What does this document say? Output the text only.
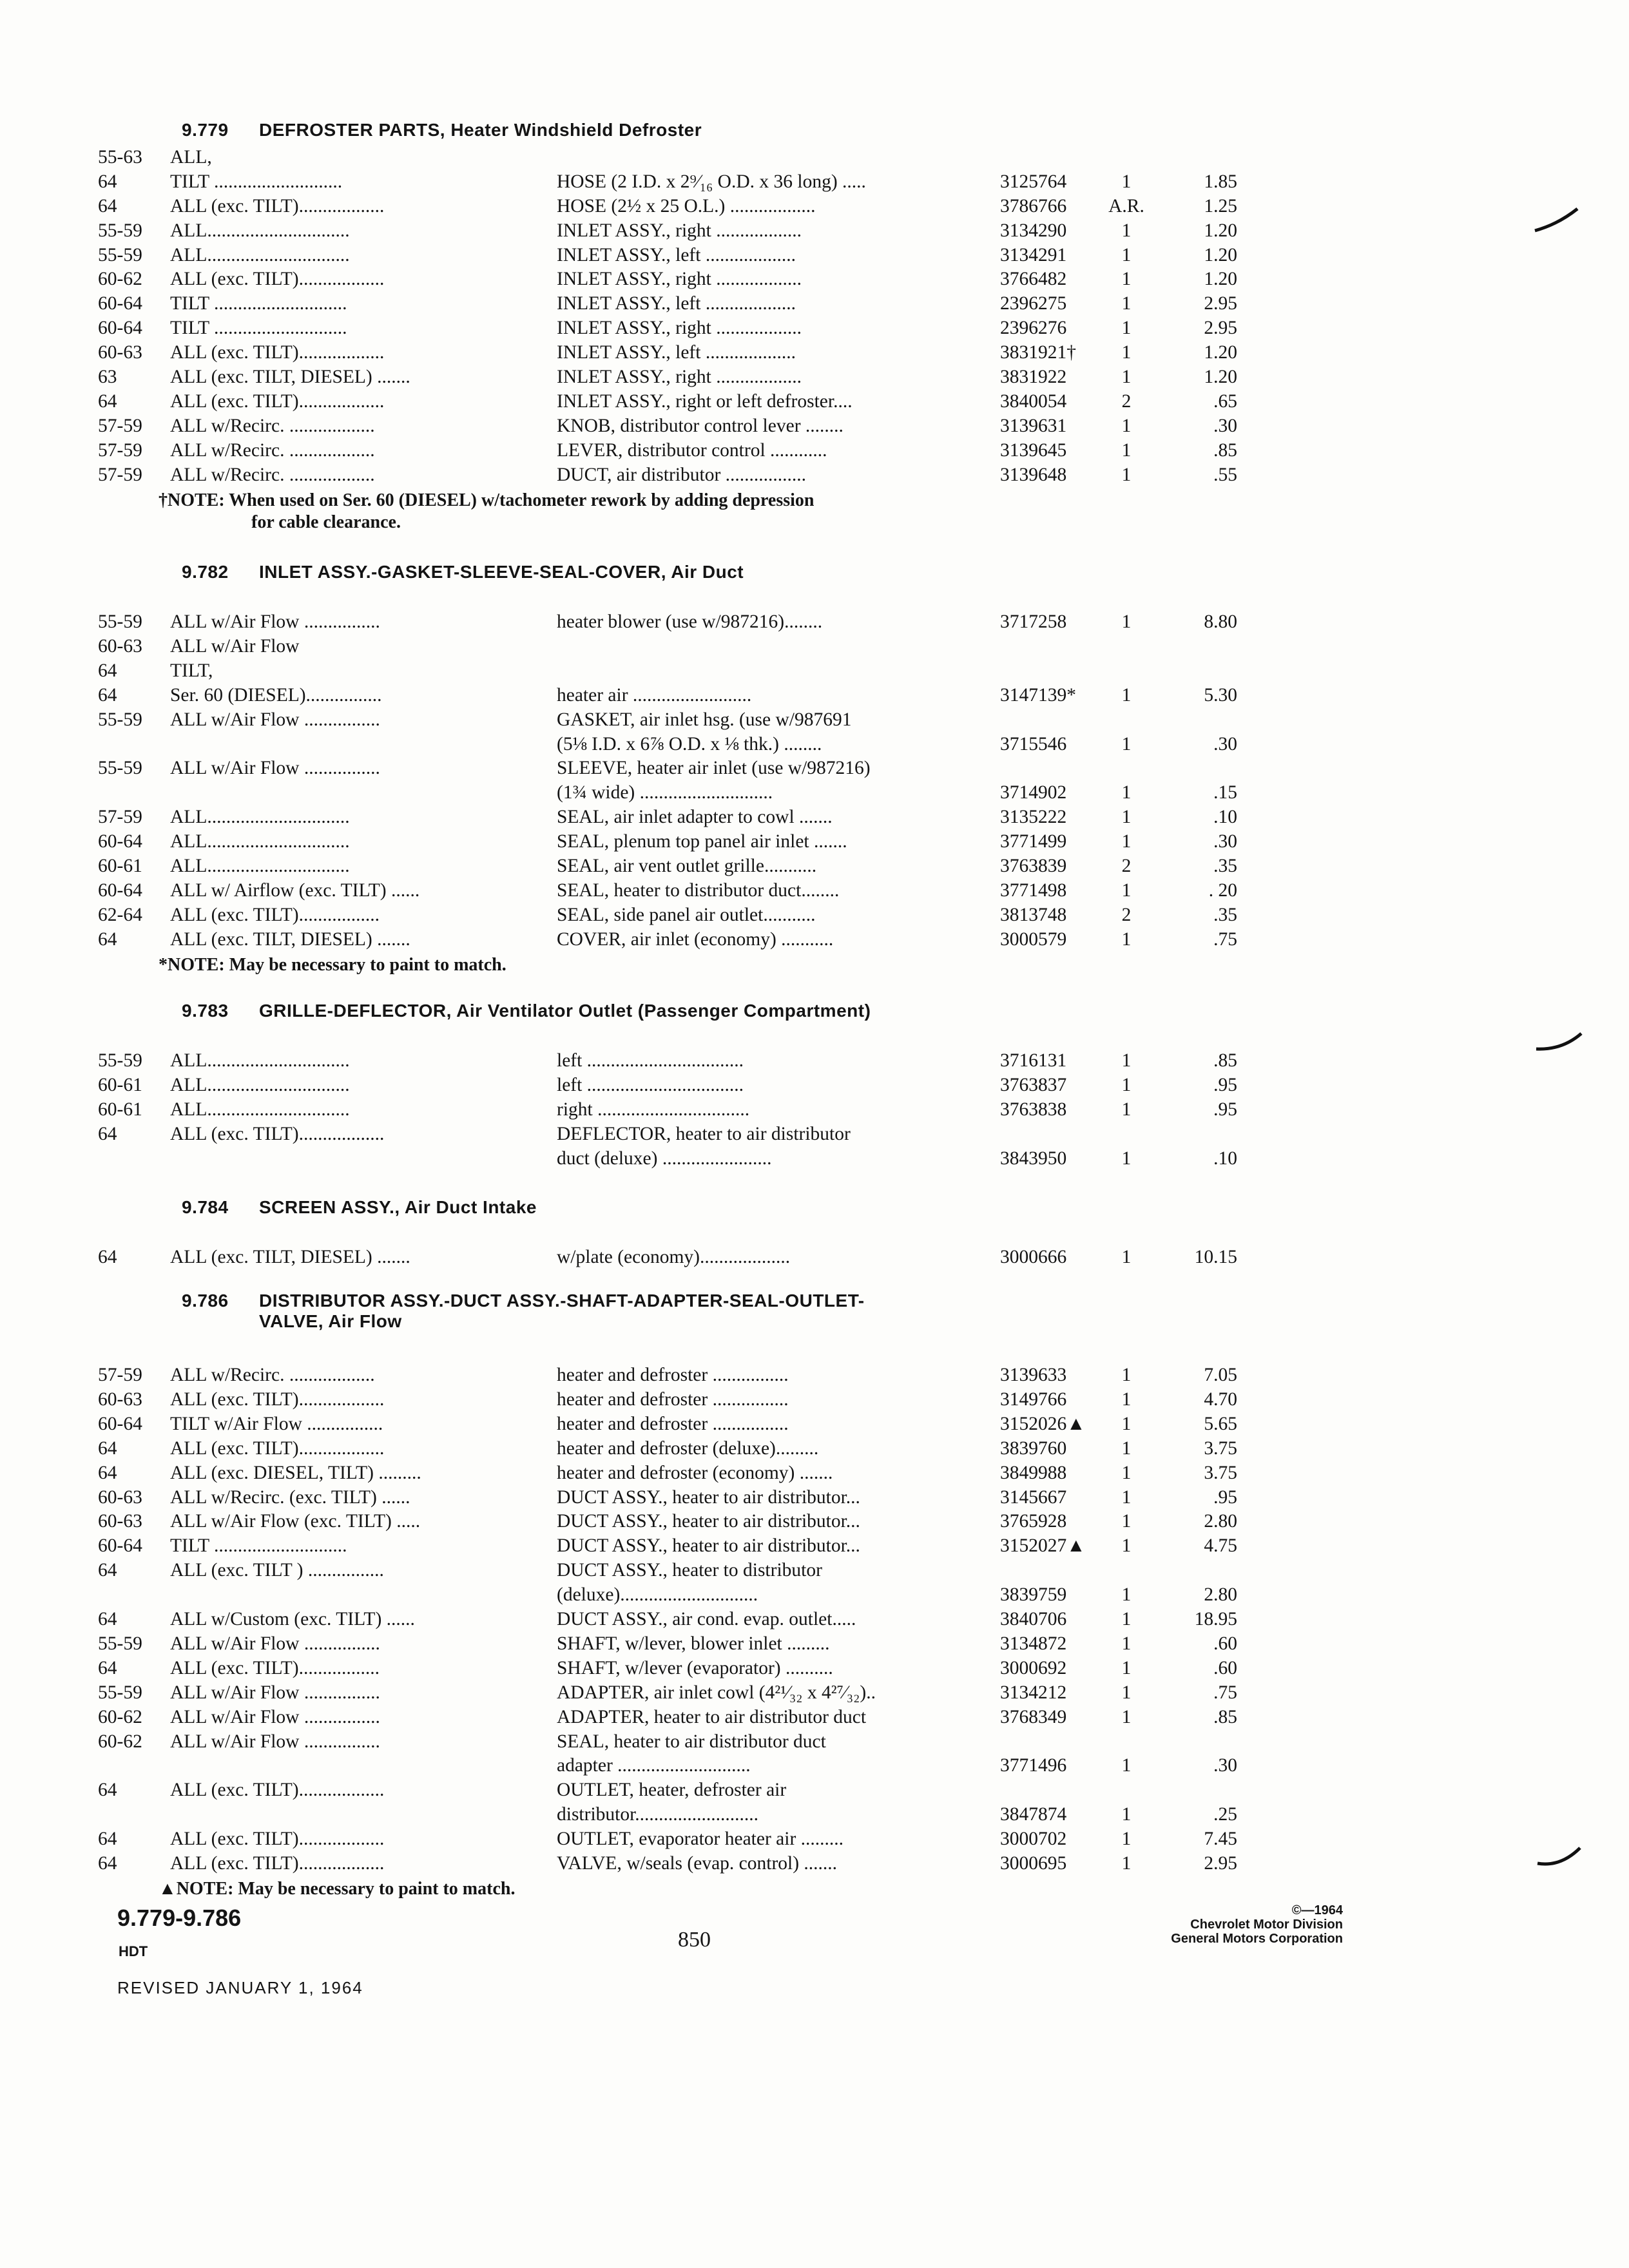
9.779 DEFROSTER PARTS, Heater Windshield Defroster
55-63 ALL,
64	TILT ...........................	HOSE (2 I.D. x 2⁹⁄₁₆ O.D. x 36 long) .....	3125764	1	1.85
64	ALL (exc. TILT)..................	HOSE (2½ x 25 O.L.) ..................	3786766	A.R.	1.25
55-59 ALL..............................	INLET ASSY., right ..................	3134290	1	1.20
55-59 ALL..............................	INLET ASSY., left ...................	3134291	1	1.20
60-62 ALL (exc. TILT)..................	INLET ASSY., right ..................	3766482	1	1.20
60-64 TILT ............................	INLET ASSY., left ...................	2396275	1	2.95
60-64 TILT ............................	INLET ASSY., right ..................	2396276	1	2.95
60-63 ALL (exc. TILT)..................	INLET ASSY., left ...................	3831921†	1	1.20
63	ALL (exc. TILT, DIESEL) .......	INLET ASSY., right ..................	3831922	1	1.20
64	ALL (exc. TILT)..................	INLET ASSY., right or left defroster....	3840054	2	.65
57-59 ALL w/Recirc. ..................	KNOB, distributor control lever ........	3139631	1	.30
57-59 ALL w/Recirc. ..................	LEVER, distributor control ............	3139645	1	.85
57-59 ALL w/Recirc. ..................	DUCT, air distributor .................	3139648	1	.55
†NOTE: When used on Ser. 60 (DIESEL) w/tachometer rework by adding depression
for cable clearance.
9.782 INLET ASSY.-GASKET-SLEEVE-SEAL-COVER, Air Duct
55-59 ALL w/Air Flow ................	heater blower (use w/987216)........	3717258	1	8.80
60-63 ALL w/Air Flow
64	TILT,
64	Ser. 60 (DIESEL)................	heater air .........................	3147139*	1	5.30
55-59 ALL w/Air Flow ................	GASKET, air inlet hsg. (use w/987691
(5⅛ I.D. x 6⅞ O.D. x ⅛ thk.) ........	3715546	1	.30
55-59 ALL w/Air Flow ................	SLEEVE, heater air inlet (use w/987216)
(1¾ wide) ............................	3714902	1	.15
57-59 ALL..............................	SEAL, air inlet adapter to cowl .......	3135222	1	.10
60-64 ALL..............................	SEAL, plenum top panel air inlet .......	3771499	1	.30
60-61 ALL..............................	SEAL, air vent outlet grille...........	3763839	2	.35
60-64 ALL w/ Airflow (exc. TILT) ......	SEAL, heater to distributor duct........	3771498	1	. 20
62-64 ALL (exc. TILT).................	SEAL, side panel air outlet...........	3813748	2	.35
64	ALL (exc. TILT, DIESEL) .......	COVER, air inlet (economy) ...........	3000579	1	.75
*NOTE: May be necessary to paint to match.
9.783 GRILLE-DEFLECTOR, Air Ventilator Outlet (Passenger Compartment)
55-59 ALL..............................	left .................................	3716131	1	.85
60-61 ALL..............................	left .................................	3763837	1	.95
60-61 ALL..............................	right ................................	3763838	1	.95
64	ALL (exc. TILT)..................	DEFLECTOR, heater to air distributor
duct (deluxe) .......................	3843950	1	.10
9.784 SCREEN ASSY., Air Duct Intake
64	ALL (exc. TILT, DIESEL) .......	w/plate (economy)...................	3000666	1	10.15
9.786 DISTRIBUTOR ASSY.-DUCT ASSY.-SHAFT-ADAPTER-SEAL-OUTLET-
VALVE, Air Flow
57-59 ALL w/Recirc. ..................	heater and defroster ................	3139633	1	7.05
60-63 ALL (exc. TILT)..................	heater and defroster ................	3149766	1	4.70
60-64 TILT w/Air Flow ................	heater and defroster ................	3152026▲	1	5.65
64	ALL (exc. TILT)..................	heater and defroster (deluxe).........	3839760	1	3.75
64	ALL (exc. DIESEL, TILT) .........	heater and defroster (economy) .......	3849988	1	3.75
60-63 ALL w/Recirc. (exc. TILT) ......	DUCT ASSY., heater to air distributor...	3145667	1	.95
60-63 ALL w/Air Flow (exc. TILT) .....	DUCT ASSY., heater to air distributor...	3765928	1	2.80
60-64 TILT ............................	DUCT ASSY., heater to air distributor...	3152027▲	1	4.75
64	ALL (exc. TILT ) ................	DUCT ASSY., heater to distributor
(deluxe).............................	3839759	1	2.80
64	ALL w/Custom (exc. TILT) ......	DUCT ASSY., air cond. evap. outlet.....	3840706	1	18.95
55-59 ALL w/Air Flow ................	SHAFT, w/lever, blower inlet .........	3134872	1	.60
64	ALL (exc. TILT).................	SHAFT, w/lever (evaporator) ..........	3000692	1	.60
55-59 ALL w/Air Flow ................	ADAPTER, air inlet cowl (4²¹⁄₃₂ x 4²⁷⁄₃₂)..	3134212	1	.75
60-62 ALL w/Air Flow ................	ADAPTER, heater to air distributor duct	3768349	1	.85
60-62 ALL w/Air Flow ................	SEAL, heater to air distributor duct
adapter ............................	3771496	1	.30
64	ALL (exc. TILT)..................	OUTLET, heater, defroster air
distributor..........................	3847874	1	.25
64	ALL (exc. TILT)..................	OUTLET, evaporator heater air .........	3000702	1	7.45
64	ALL (exc. TILT)..................	VALVE, w/seals (evap. control) .......	3000695	1	2.95
▲NOTE: May be necessary to paint to match.
9.779-9.786
HDT	850
©—1964
Chevrolet Motor Division
General Motors Corporation
REVISED JANUARY 1, 1964
